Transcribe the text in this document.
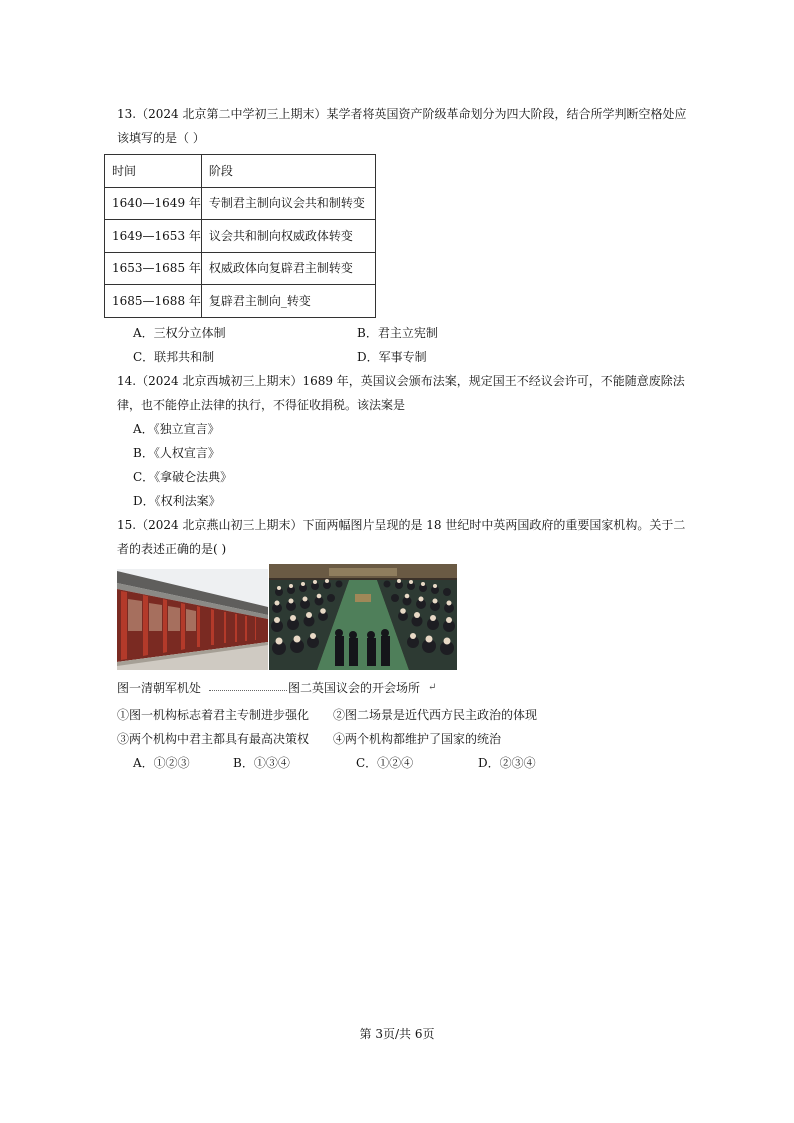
13.（2024 北京第二中学初三上期末）某学者将英国资产阶级革命划分为四大阶段，结合所学判断空格处应
该填写的是（ ）
时间	阶段
1640—1649 年	专制君主制向议会共和制转变
1649—1653 年	议会共和制向权威政体转变
1653—1685 年	权威政体向复辟君主制转变
1685—1688 年	复辟君主制向_转变
A．三权分立体制	B．君主立宪制
C．联邦共和制	D．军事专制
14.（2024 北京西城初三上期末）1689 年，英国议会颁布法案，规定国王不经议会许可，不能随意废除法
律，也不能停止法律的执行，不得征收捐税。该法案是
A．《独立宣言》
B．《人权宣言》
C．《拿破仑法典》
D．《权利法案》
15.（2024 北京燕山初三上期末）下面两幅图片呈现的是 18 世纪时中英两国政府的重要国家机构。关于二
者的表述正确的是( )
图一清朝军机处	图二英国议会的开会场所 ↵
①图一机构标志着君主专制进步强化 ②图二场景是近代西方民主政治的体现
③两个机构中君主都具有最高决策权 ④两个机构都维护了国家的统治
A．①②③	B．①③④	C．①②④	D．②③④
第 3页/共 6页
